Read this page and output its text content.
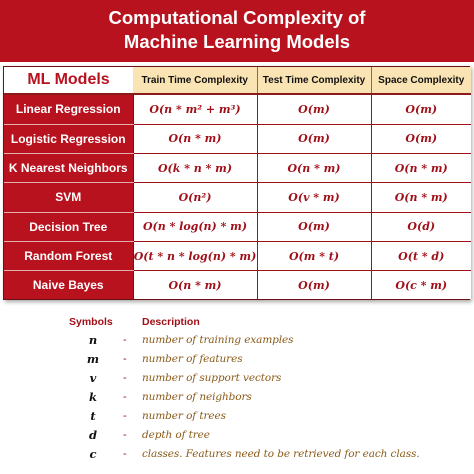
Computational Complexity of
Machine Learning Models
ML Models	Train Time Complexity	Test Time Complexity	Space Complexity
Linear Regression	O(n * m² + m³)	O(m)	O(m)
Logistic Regression	O(n * m)	O(m)	O(m)
K Nearest Neighbors	O(k * n * m)	O(n * m)	O(n * m)
SVM	O(n²)	O(v * m)	O(n * m)
Decision Tree	O(n * log(n) * m)	O(m)	O(d)
Random Forest	O(t * n * log(n) * m)	O(m * t)	O(t * d)
Naive Bayes	O(n * m)	O(m)	O(c * m)
Symbols	Description
n - number of training examples
m - number of features
v	- number of support vectors
k - number of neighbors
t	- number of trees
d - depth of tree
c	- classes. Features need to be retrieved for each class.
